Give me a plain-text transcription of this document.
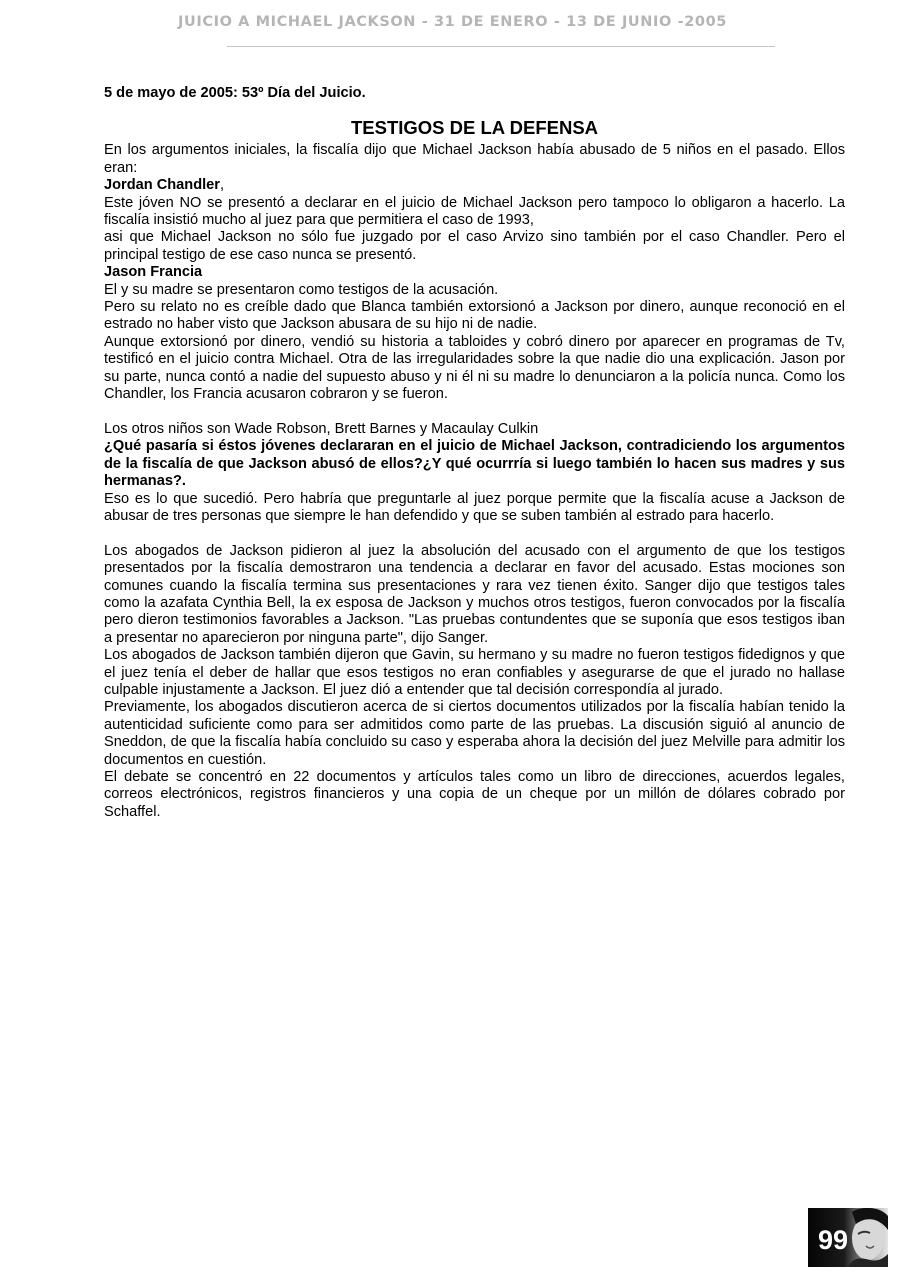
JUICIO A MICHAEL JACKSON - 31 DE ENERO - 13 DE JUNIO -2005

5 de mayo de 2005: 53º Día del Juicio.

TESTIGOS DE LA DEFENSA

En los argumentos iniciales, la fiscalía dijo que Michael Jackson había abusado de 5 niños en el pasado. Ellos eran:

Jordan Chandler,

Este jóven NO se presentó a declarar en el juicio de Michael Jackson pero tampoco lo obligaron a hacerlo. La fiscalía insistió mucho al juez para que permitiera el caso de 1993,

asi que Michael Jackson no sólo fue juzgado por el caso Arvizo sino también por el caso Chandler. Pero el principal testigo de ese caso nunca se presentó.

Jason Francia

El y su madre se presentaron como testigos de la acusación.

Pero su relato no es creíble dado que Blanca también extorsionó a Jackson por dinero, aunque reconoció en el estrado no haber visto que Jackson abusara de su hijo ni de nadie.

Aunque extorsionó por dinero, vendió su historia a tabloides y cobró dinero por aparecer en programas de Tv, testificó en el juicio contra Michael. Otra de las irregularidades sobre la que nadie dio una explicación. Jason por su parte, nunca contó a nadie del supuesto abuso y ni él ni su madre lo denunciaron a la policía nunca. Como los Chandler, los Francia acusaron cobraron y se fueron.

Los otros niños son Wade Robson, Brett Barnes y Macaulay Culkin

¿Qué pasaría si éstos jóvenes declararan en el juicio de Michael Jackson, contradiciendo los argumentos de la fiscalía de que Jackson abusó de ellos?¿Y qué ocurrría si luego también lo hacen sus madres y sus hermanas?.

Eso es lo que sucedió. Pero habría que preguntarle al juez porque permite que la fiscalía acuse a Jackson de abusar de tres personas que siempre le han defendido y que se suben también al estrado para hacerlo.

Los abogados de Jackson pidieron al juez la absolución del acusado con el argumento de que los testigos presentados por la fiscalía demostraron una tendencia a declarar en favor del acusado. Estas mociones son comunes cuando la fiscalía termina sus presentaciones y rara vez tienen éxito. Sanger dijo que testigos tales como la azafata Cynthia Bell, la ex esposa de Jackson y muchos otros testigos, fueron convocados por la fiscalía pero dieron testimonios favorables a Jackson. "Las pruebas contundentes que se suponía que esos testigos iban a presentar no aparecieron por ninguna parte", dijo Sanger.

Los abogados de Jackson también dijeron que Gavin, su hermano y su madre no fueron testigos fidedignos y que el juez tenía el deber de hallar que esos testigos no eran confiables y asegurarse de que el jurado no hallase culpable injustamente a Jackson. El juez dió a entender que tal decisión correspondía al jurado.

Previamente, los abogados discutieron acerca de si ciertos documentos utilizados por la fiscalía habían tenido la autenticidad suficiente como para ser admitidos como parte de las pruebas. La discusión siguió al anuncio de Sneddon, de que la fiscalía había concluido su caso y esperaba ahora la decisión del juez Melville para admitir los documentos en cuestión.

El debate se concentró en 22 documentos y artículos tales como un libro de direcciones, acuerdos legales, correos electrónicos, registros financieros y una copia de un cheque por un millón de dólares cobrado por Schaffel.

99
